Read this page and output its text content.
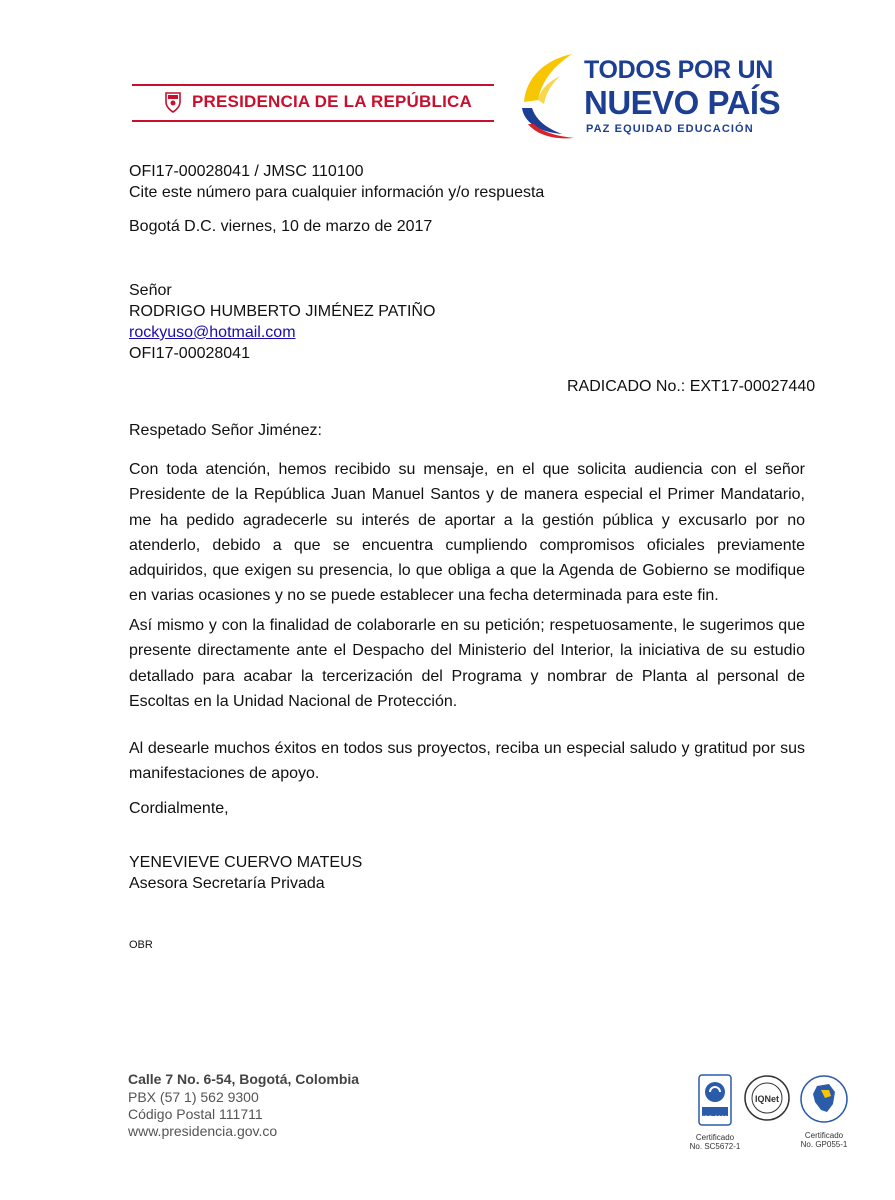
PRESIDENCIA DE LA REPÚBLICA
TODOS POR UN
NUEVO PAÍS
PAZ EQUIDAD EDUCACIÓN
OFI17-00028041 / JMSC 110100
Cite este número para cualquier información y/o respuesta
Bogotá D.C. viernes, 10 de marzo de 2017
Señor
RODRIGO HUMBERTO JIMÉNEZ PATIÑO
rockyuso@hotmail.com
OFI17-00028041
RADICADO No.: EXT17-00027440
Respetado Señor Jiménez:
Con toda atención, hemos recibido su mensaje, en el que solicita audiencia con el señor Presidente de la República Juan Manuel Santos y de manera especial el Primer Mandatario, me ha pedido agradecerle su interés de aportar a la gestión pública y excusarlo por no atenderlo, debido a que se encuentra cumpliendo compromisos oficiales previamente adquiridos, que exigen su presencia, lo que obliga a que la Agenda de Gobierno se modifique en varias ocasiones y no se puede establecer una fecha determinada para este fin.
Así mismo y con la finalidad de colaborarle en su petición; respetuosamente, le sugerimos que presente directamente ante el Despacho del Ministerio del Interior, la iniciativa de su estudio detallado para acabar la tercerización del Programa y nombrar de Planta al personal de Escoltas en la Unidad Nacional de Protección.
Al desearle muchos éxitos en todos sus proyectos, reciba un especial saludo y gratitud por sus manifestaciones de apoyo.
Cordialmente,
YENEVIEVE CUERVO MATEUS
Asesora Secretaría Privada
OBR
Calle 7 No. 6-54, Bogotá, Colombia
PBX (57 1) 562 9300
Código Postal 111711
www.presidencia.gov.co
ISO 9001
Certificado
No. SC5672-1
IQNet
Certificado
No. GP055-1
